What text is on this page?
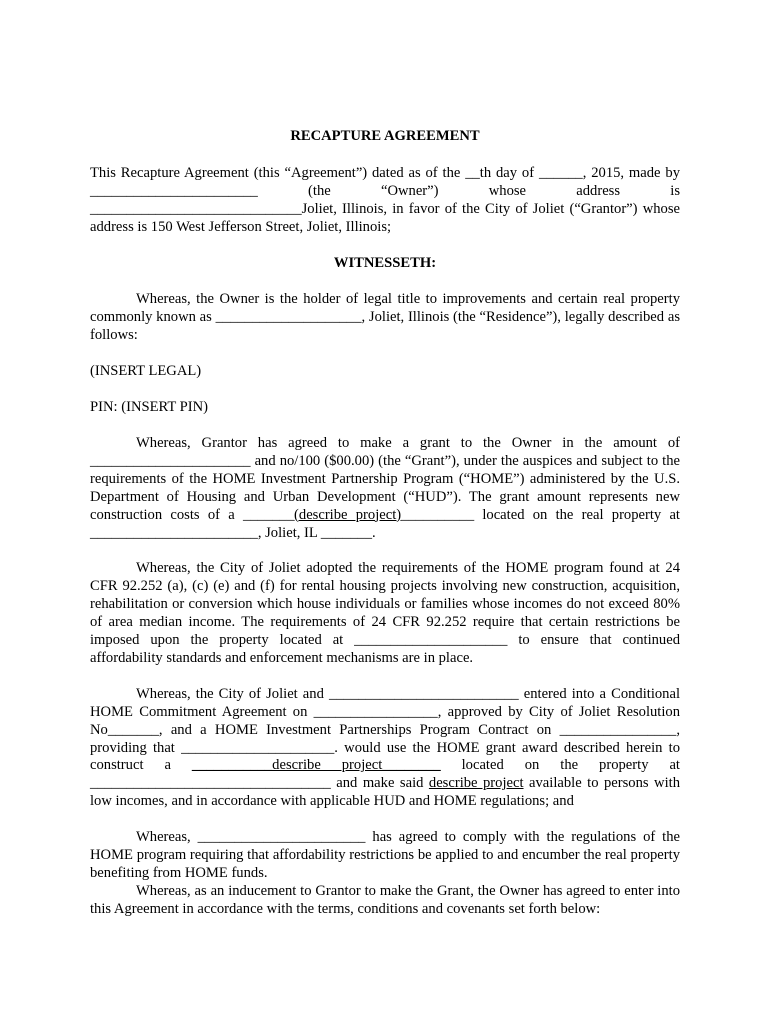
RECAPTURE AGREEMENT

This Recapture Agreement (this “Agreement”) dated as of the __th day of ______, 2015, made by _______________________ (the “Owner”) whose address is _____________________________Joliet, Illinois, in favor of the City of Joliet (“Grantor”) whose address is 150 West Jefferson Street, Joliet, Illinois;

WITNESSETH:

Whereas, the Owner is the holder of legal title to improvements and certain real property commonly known as ____________________, Joliet, Illinois (the “Residence”), legally described as follows:

(INSERT LEGAL)

PIN: (INSERT PIN)

Whereas, Grantor has agreed to make a grant to the Owner in the amount of ______________________ and no/100 ($00.00) (the “Grant”), under the auspices and subject to the requirements of the HOME Investment Partnership Program (“HOME”) administered by the U.S. Department of Housing and Urban Development (“HUD”). The grant amount represents new construction costs of a _______(describe project)__________ located on the real property at _______________________, Joliet, IL _______.

Whereas, the City of Joliet adopted the requirements of the HOME program found at 24 CFR 92.252 (a), (c) (e) and (f) for rental housing projects involving new construction, acquisition, rehabilitation or conversion which house individuals or families whose incomes do not exceed 80% of area median income. The requirements of 24 CFR 92.252 require that certain restrictions be imposed upon the property located at _____________________ to ensure that continued affordability standards and enforcement mechanisms are in place.

Whereas, the City of Joliet and __________________________ entered into a Conditional HOME Commitment Agreement on _________________, approved by City of Joliet Resolution No_______, and a HOME Investment Partnerships Program Contract on ________________, providing that _____________________. would use the HOME grant award described herein to construct a ___________describe project________ located on the property at _________________________________ and make said describe project available to persons with low incomes, and in accordance with applicable HUD and HOME regulations; and

Whereas, _______________________ has agreed to comply with the regulations of the HOME program requiring that affordability restrictions be applied to and encumber the real property benefiting from HOME funds.

Whereas, as an inducement to Grantor to make the Grant, the Owner has agreed to enter into this Agreement in accordance with the terms, conditions and covenants set forth below:
